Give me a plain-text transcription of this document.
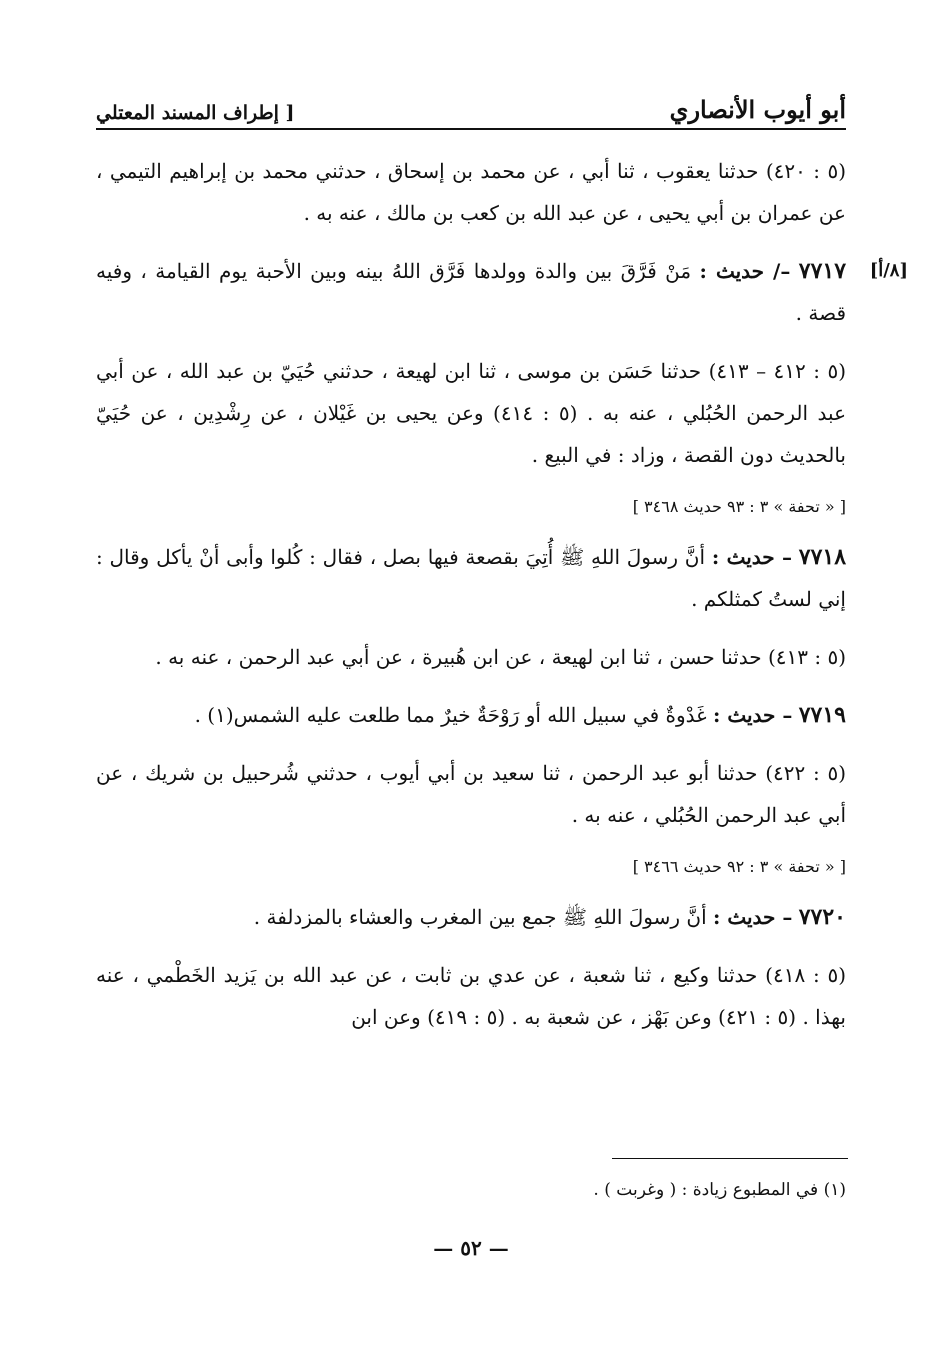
أبو أيوب الأنصاري
[ إطراف المسند المعتلي

(٥ : ٤٢٠) حدثنا يعقوب ، ثنا أبي ، عن محمد بن إسحاق ، حدثني محمد بن إبراهيم التيمي ، عن عمران بن أبي يحيى ، عن عبد الله بن كعب بن مالك ، عنه به .

[٨/أ]
٧٧١٧ –/ حديث : مَنْ فَرَّقَ بين والدة وولدها فَرَّق اللهُ بينه وبين الأحبة يوم القيامة ، وفيه قصة .

(٥ : ٤١٢ – ٤١٣) حدثنا حَسَن بن موسى ، ثنا ابن لهيعة ، حدثني حُيَيّ بن عبد الله ، عن أبي عبد الرحمن الحُبُلي ، عنه به . (٥ : ٤١٤) وعن يحيى بن غَيْلان ، عن رِشْدِين ، عن حُيَيّ بالحديث دون القصة ، وزاد : في البيع .

[ « تحفة » ٣ : ٩٣ حديث ٣٤٦٨ ]

٧٧١٨ – حديث : أنَّ رسولَ اللهِ ﷺ أُتِيَ بقصعة فيها بصل ، فقال : كُلوا وأبى أنْ يأكل وقال : إني لستُ كمثلكم .

(٥ : ٤١٣) حدثنا حسن ، ثنا ابن لهيعة ، عن ابن هُبيرة ، عن أبي عبد الرحمن ، عنه به .

٧٧١٩ – حديث : غَدْوةٌ في سبيل الله أو رَوْحَةٌ خيرٌ مما طلعت عليه الشمس(١) .

(٥ : ٤٢٢) حدثنا أبو عبد الرحمن ، ثنا سعيد بن أبي أيوب ، حدثني شُرحبيل بن شريك ، عن أبي عبد الرحمن الحُبُلي ، عنه به .

[ « تحفة » ٣ : ٩٢ حديث ٣٤٦٦ ]

٧٧٢٠ – حديث : أنَّ رسولَ اللهِ ﷺ جمع بين المغرب والعشاء بالمزدلفة .

(٥ : ٤١٨) حدثنا وكيع ، ثنا شعبة ، عن عدي بن ثابت ، عن عبد الله بن يَزيد الخَطْمي ، عنه بهذا . (٥ : ٤٢١) وعن بَهْز ، عن شعبة به . (٥ : ٤١٩) وعن ابن

(١) في المطبوع زيادة : ( وغربت ) .
— ٥٢ —
